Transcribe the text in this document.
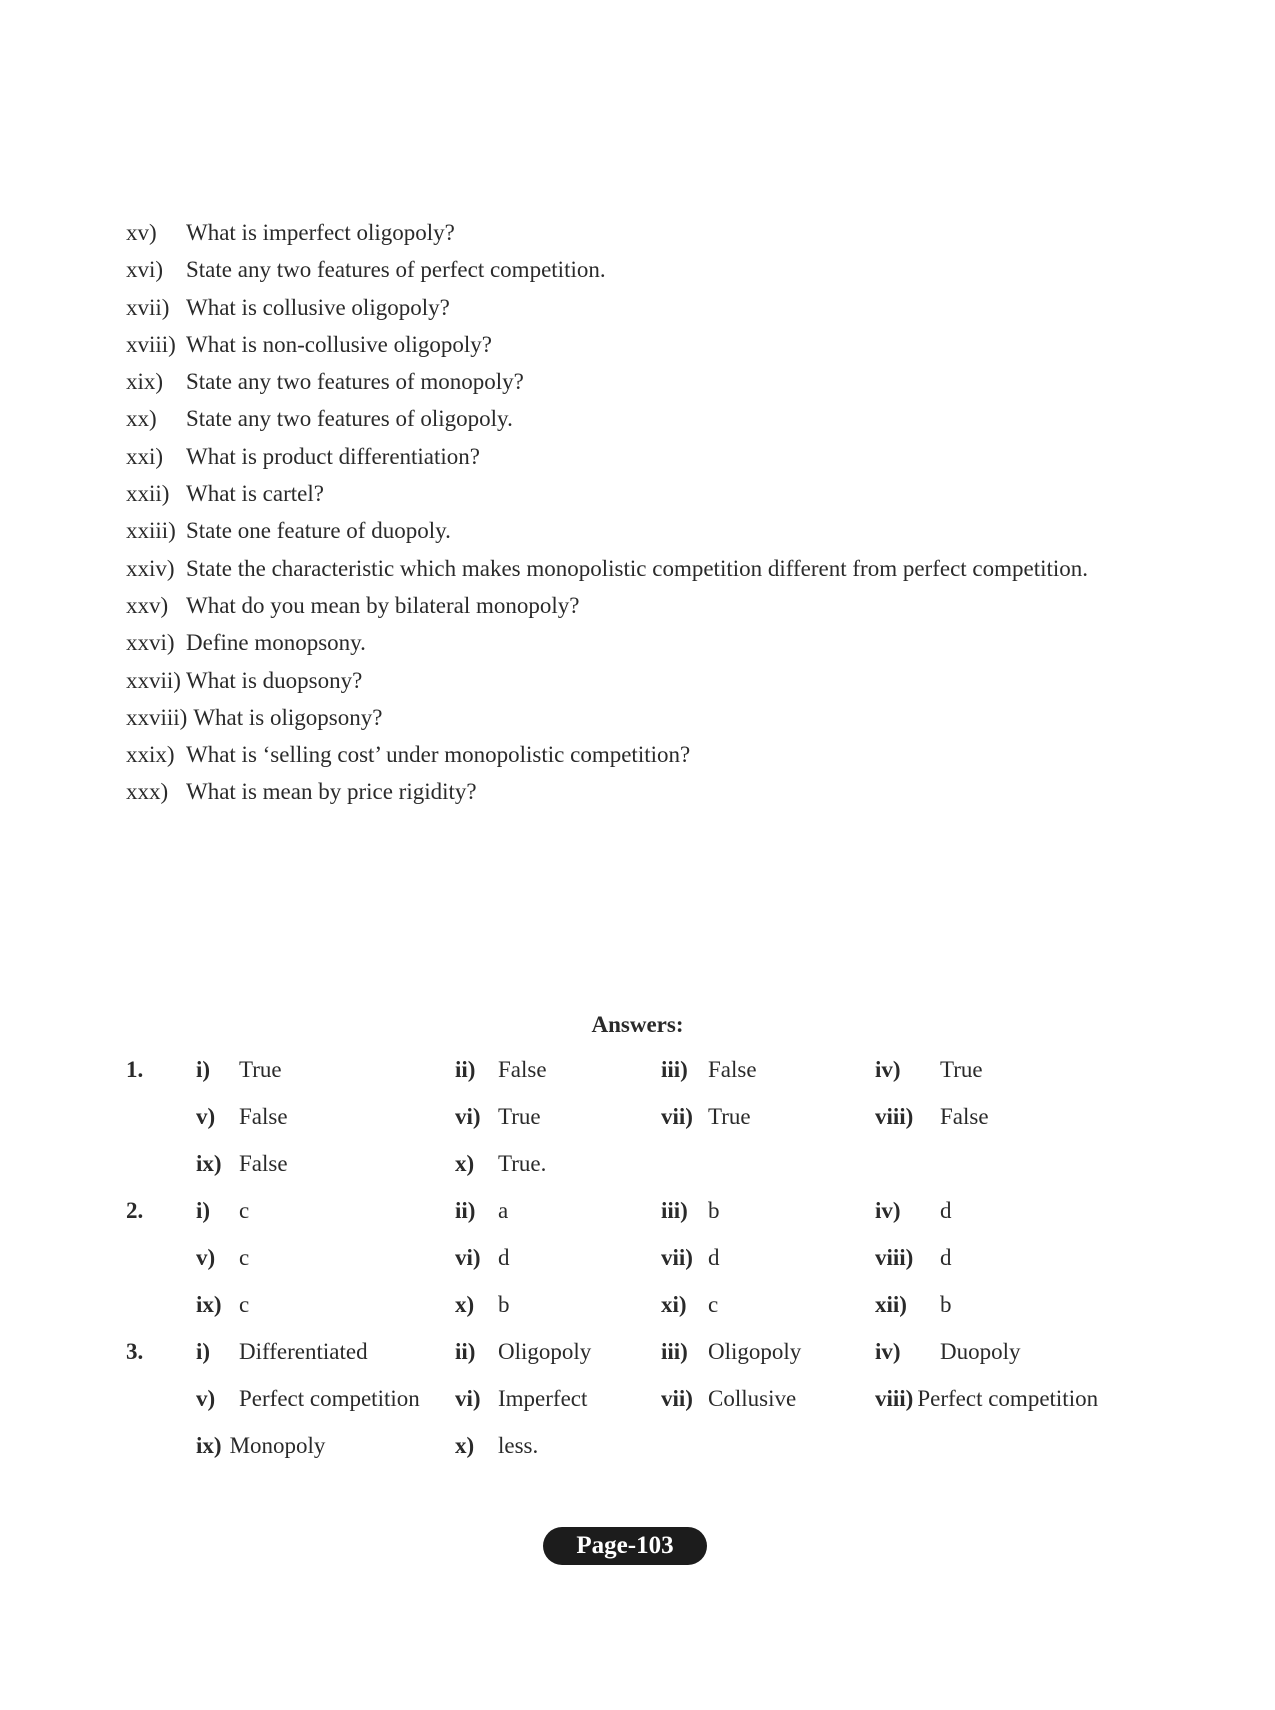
xv)	What is imperfect oligopoly?
xvi) State any two features of perfect competition.
xvii) What is collusive oligopoly?
xviii) What is non-collusive oligopoly?
xix) State any two features of monopoly?
xx)	State any two features of oligopoly.
xxi) What is product differentiation?
xxii) What is cartel?
xxiii) State one feature of duopoly.
xxiv) State the characteristic which makes monopolistic competition different from perfect competition.
xxv) What do you mean by bilateral monopoly?
xxvi) Define monopsony.
xxvii) What is duopsony?
xxviii) What is oligopsony?
xxix) What is ‘selling cost’ under monopolistic competition?
xxx) What is mean by price rigidity?
Answers:
1. i) True	ii) False	iii) False	iv) True
v) False	vi) True	vii) True	viii) False
ix) False	x) True.
2. i) c	ii) a	iii) b	iv) d
v) c	vi) d	vii) d	viii) d
ix) c	x) b	xi) c	xii) b
3. i) Differentiated	ii) Oligopoly	iii) Oligopoly	iv) Duopoly
v) Perfect competition vi) Imperfect	vii) Collusive	viii) Perfect competition
ix) Monopoly	x) less.
Page-103
